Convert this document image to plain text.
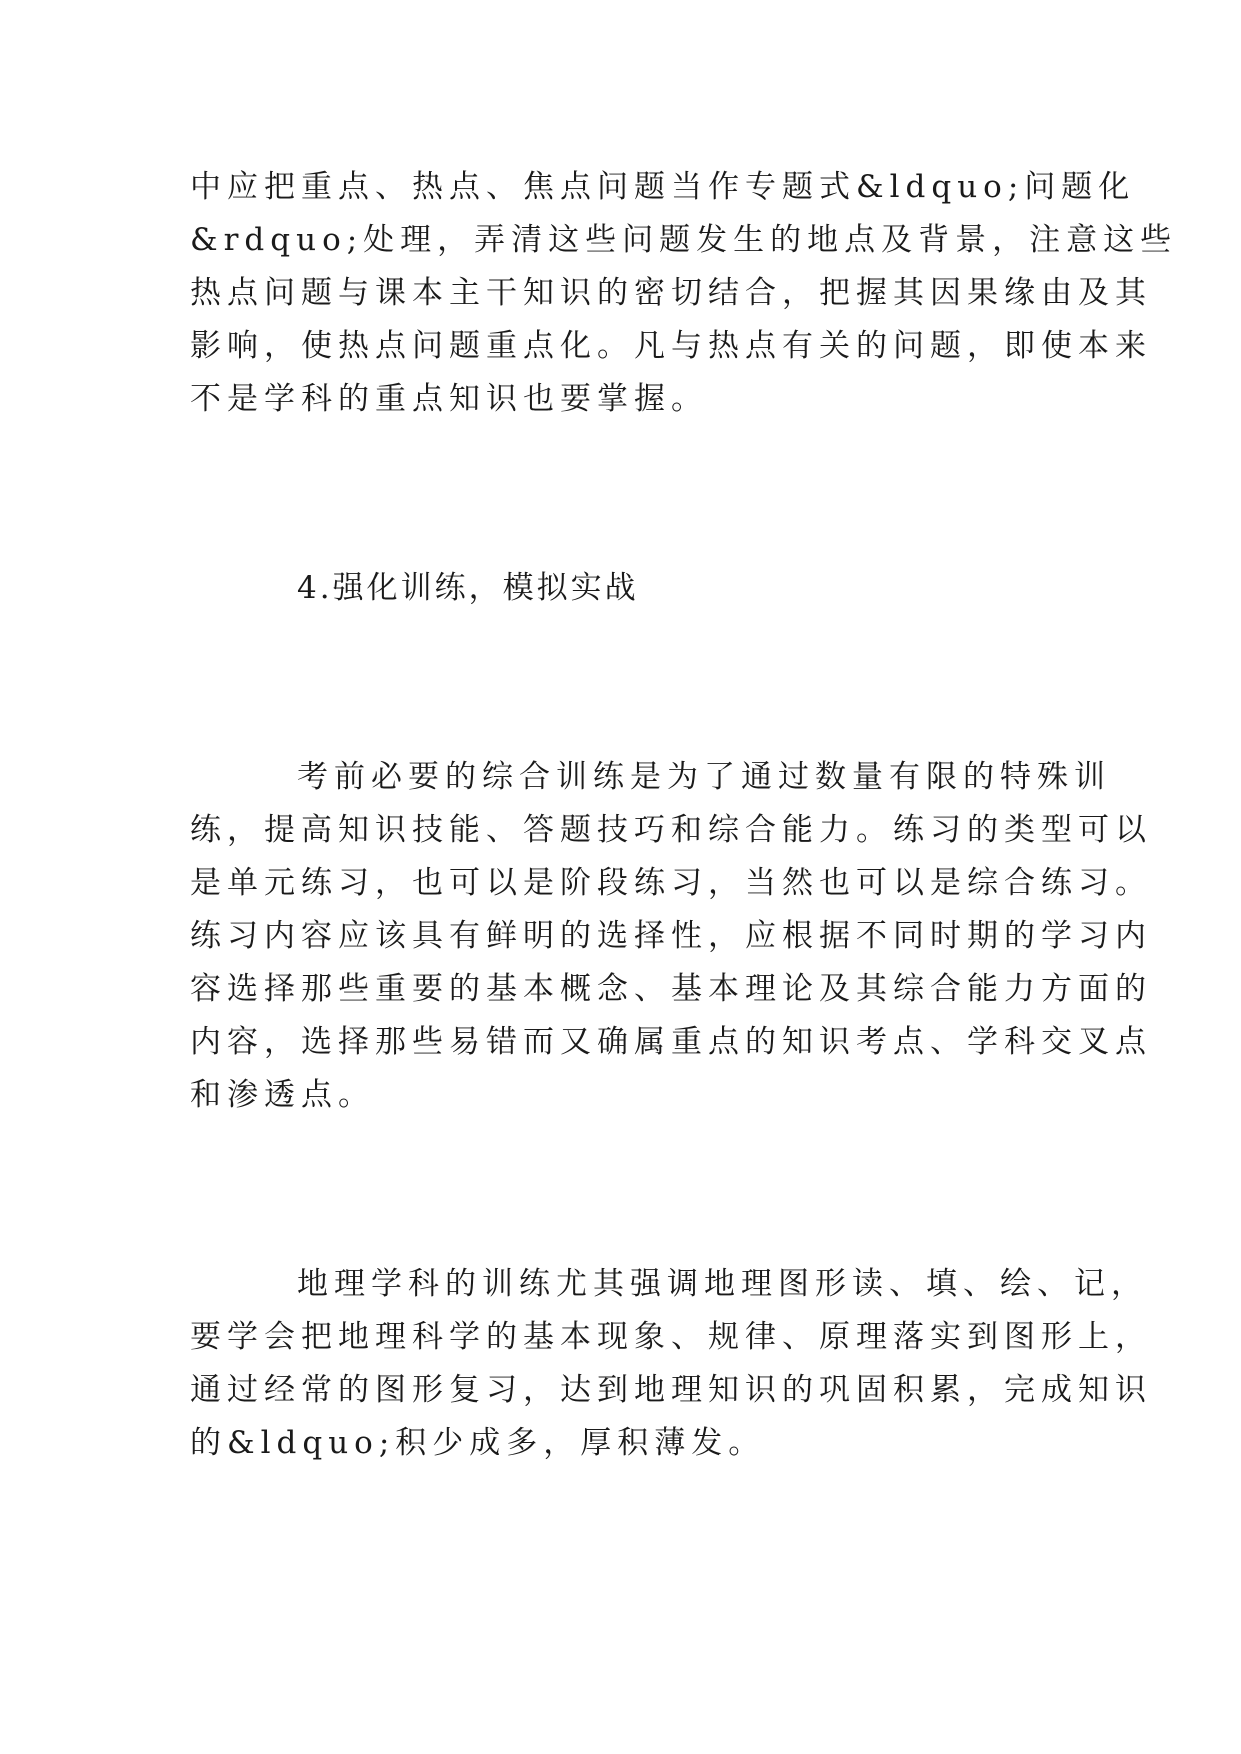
中应把重点、热点、焦点问题当作专题式&ldquo;问题化
&rdquo;处理，弄清这些问题发生的地点及背景，注意这些
热点问题与课本主干知识的密切结合，把握其因果缘由及其
影响，使热点问题重点化。凡与热点有关的问题，即使本来
不是学科的重点知识也要掌握。
4.强化训练，模拟实战
考前必要的综合训练是为了通过数量有限的特殊训
练，提高知识技能、答题技巧和综合能力。练习的类型可以
是单元练习，也可以是阶段练习，当然也可以是综合练习。
练习内容应该具有鲜明的选择性，应根据不同时期的学习内
容选择那些重要的基本概念、基本理论及其综合能力方面的
内容，选择那些易错而又确属重点的知识考点、学科交叉点
和渗透点。
地理学科的训练尤其强调地理图形读、填、绘、记，
要学会把地理科学的基本现象、规律、原理落实到图形上，
通过经常的图形复习，达到地理知识的巩固积累，完成知识
的&ldquo;积少成多，厚积薄发。
